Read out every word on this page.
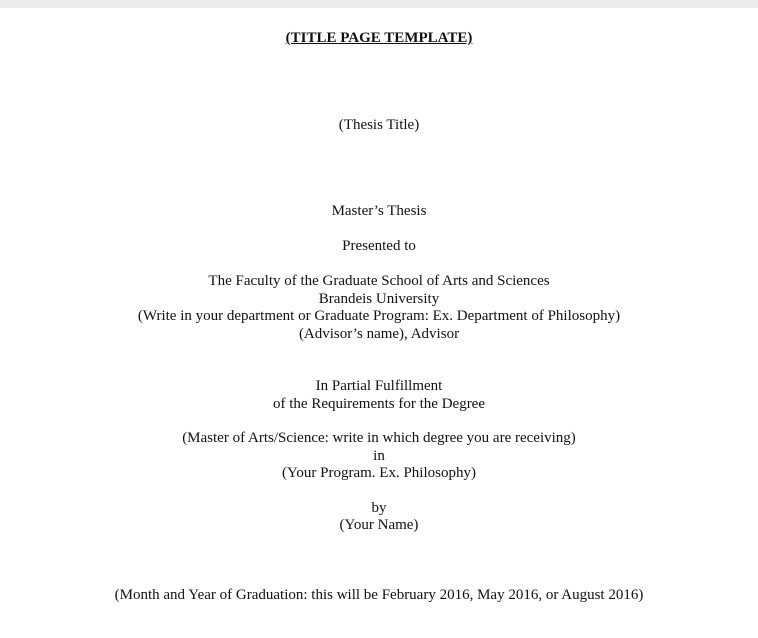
(TITLE PAGE TEMPLATE)
(Thesis Title)
Master’s Thesis
Presented to
The Faculty of the Graduate School of Arts and Sciences
Brandeis University
(Write in your department or Graduate Program: Ex. Department of Philosophy)
(Advisor’s name), Advisor
In Partial Fulfillment
of the Requirements for the Degree
(Master of Arts/Science: write in which degree you are receiving)
in
(Your Program. Ex. Philosophy)
by
(Your Name)
(Month and Year of Graduation: this will be February 2016, May 2016, or August 2016)
